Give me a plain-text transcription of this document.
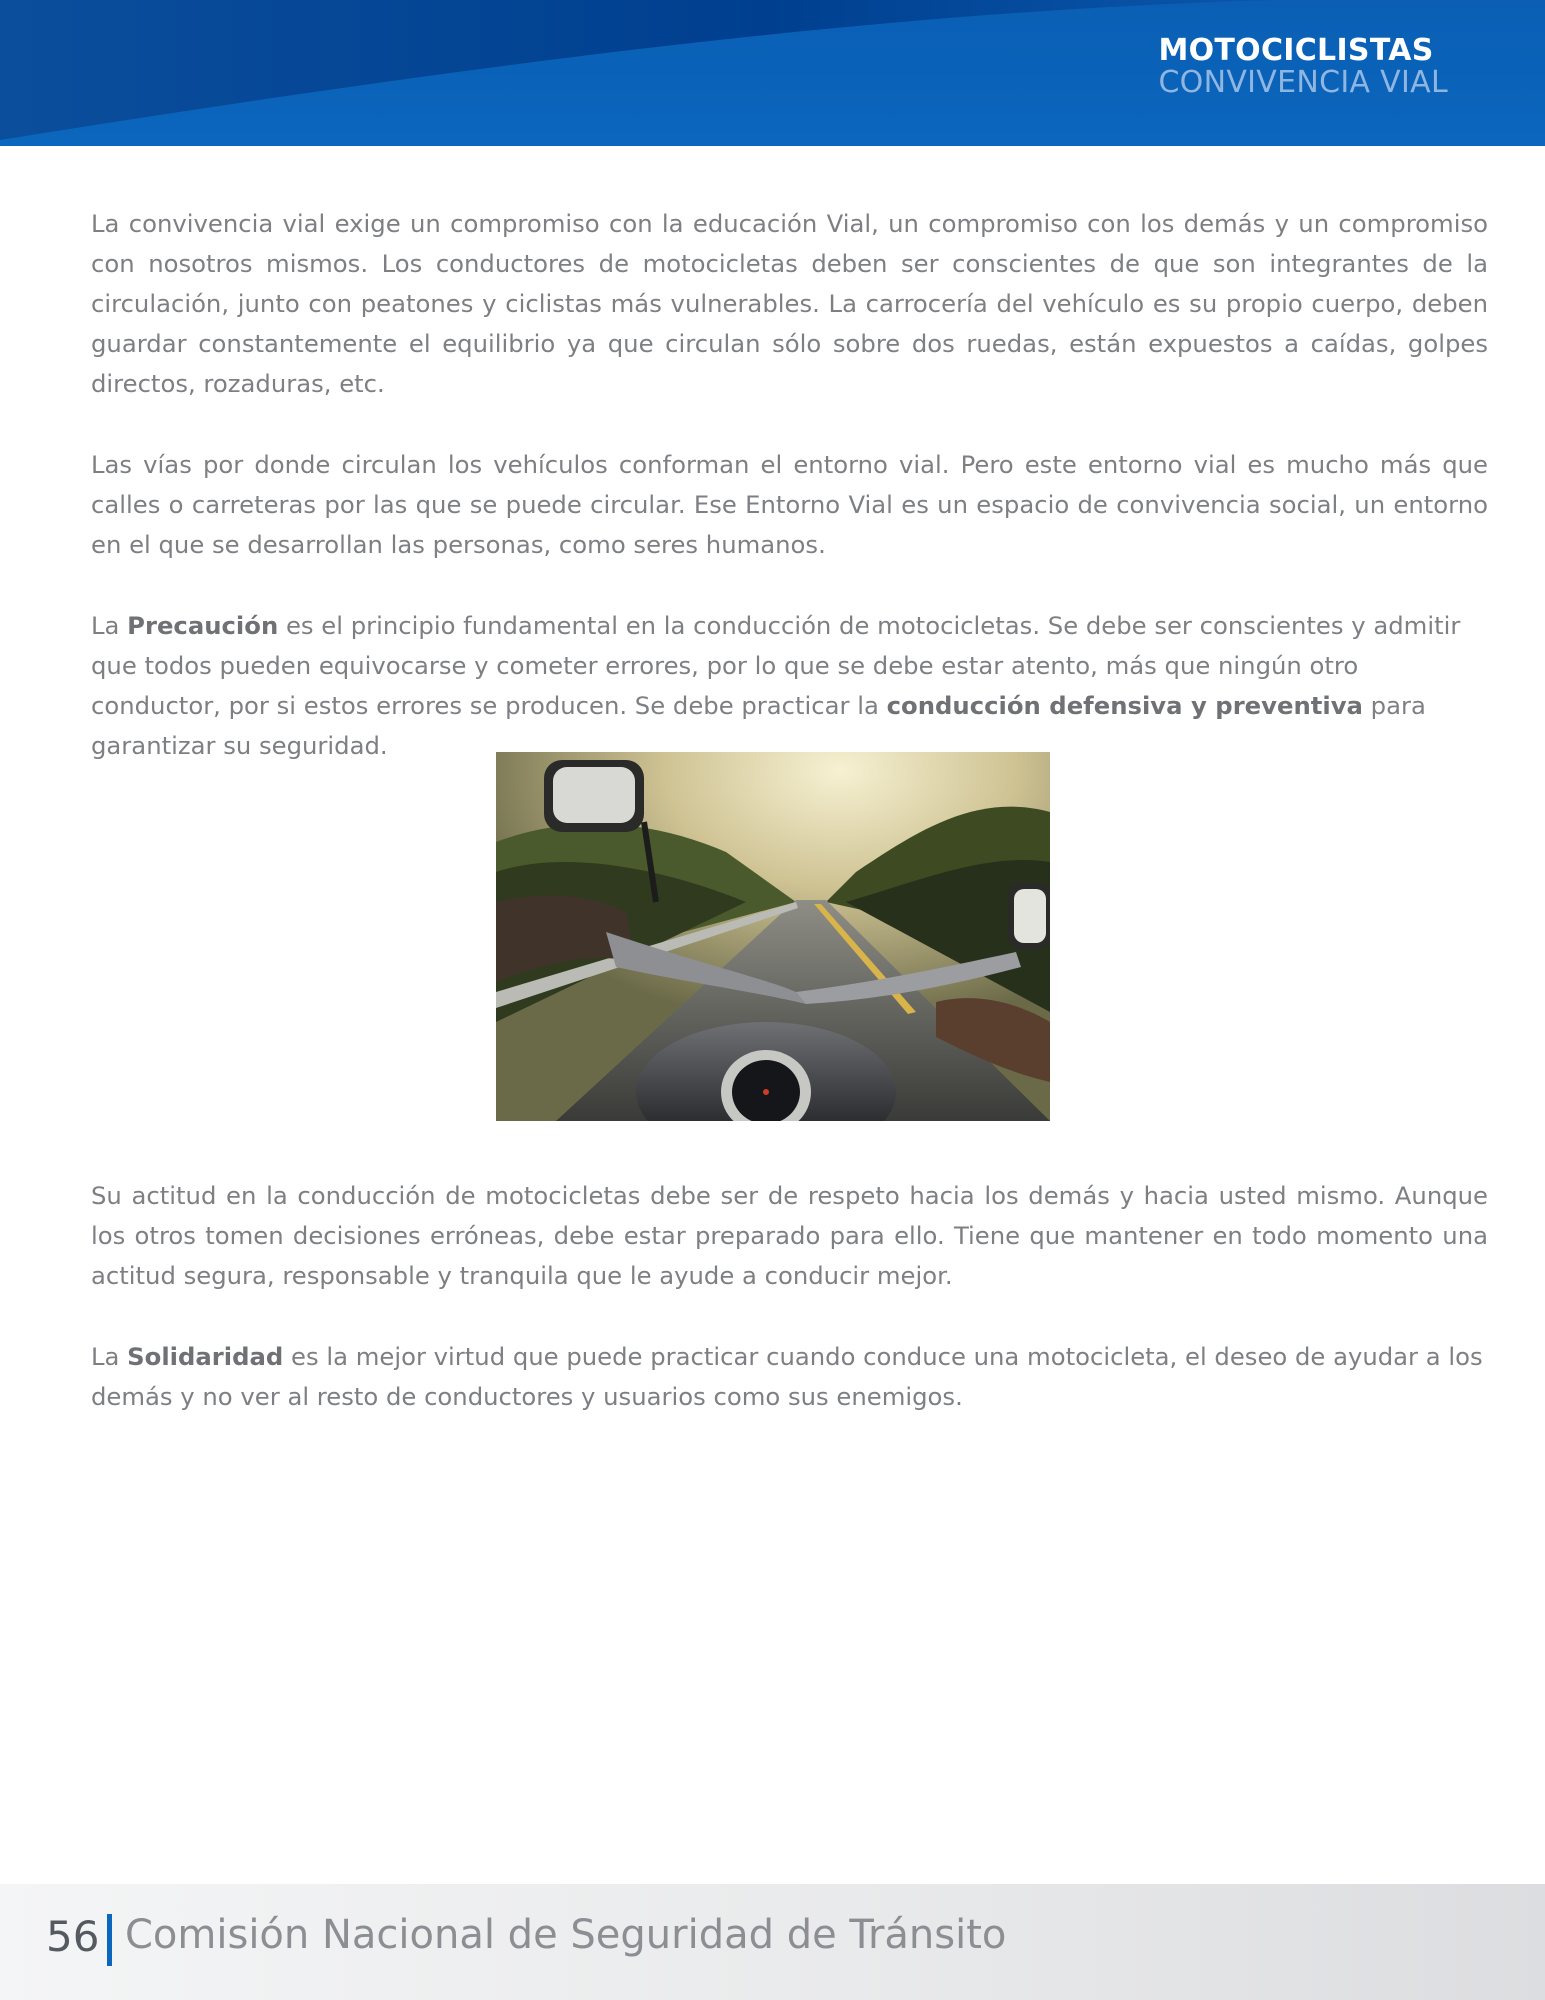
MOTOCICLISTAS
CONVIVENCIA VIAL

La convivencia vial exige un compromiso con la educación Vial, un compromiso con los demás y un compromiso con nosotros mismos. Los conductores de motocicletas deben ser conscientes de que son integrantes de la circulación, junto con peatones y ciclistas más vulnerables. La carrocería del vehículo es su propio cuerpo, deben guardar constantemente el equilibrio ya que circulan sólo sobre dos ruedas, están expuestos a caídas, golpes directos, rozaduras, etc.

Las vías por donde circulan los vehículos conforman el entorno vial. Pero este entorno vial es mucho más que calles o carreteras por las que se puede circular. Ese Entorno Vial es un espacio de convivencia social, un entorno en el que se desarrollan las personas, como seres humanos.

La Precaución es el principio fundamental en la conducción de motocicletas. Se debe ser conscientes y admitir que todos pueden equivocarse y cometer errores, por lo que se debe estar atento, más que ningún otro conductor, por si estos errores se producen. Se debe practicar la conducción defensiva y preventiva para garantizar su seguridad.

Su actitud en la conducción de motocicletas debe ser de respeto hacia los demás y hacia usted mismo. Aunque los otros tomen decisiones erróneas, debe estar preparado para ello. Tiene que mantener en todo momento una actitud segura, responsable y tranquila que le ayude a conducir mejor.

La Solidaridad es la mejor virtud que puede practicar cuando conduce una motocicleta, el deseo de ayudar a los demás y no ver al resto de conductores y usuarios como sus enemigos.

56 Comisión Nacional de Seguridad de Tránsito
